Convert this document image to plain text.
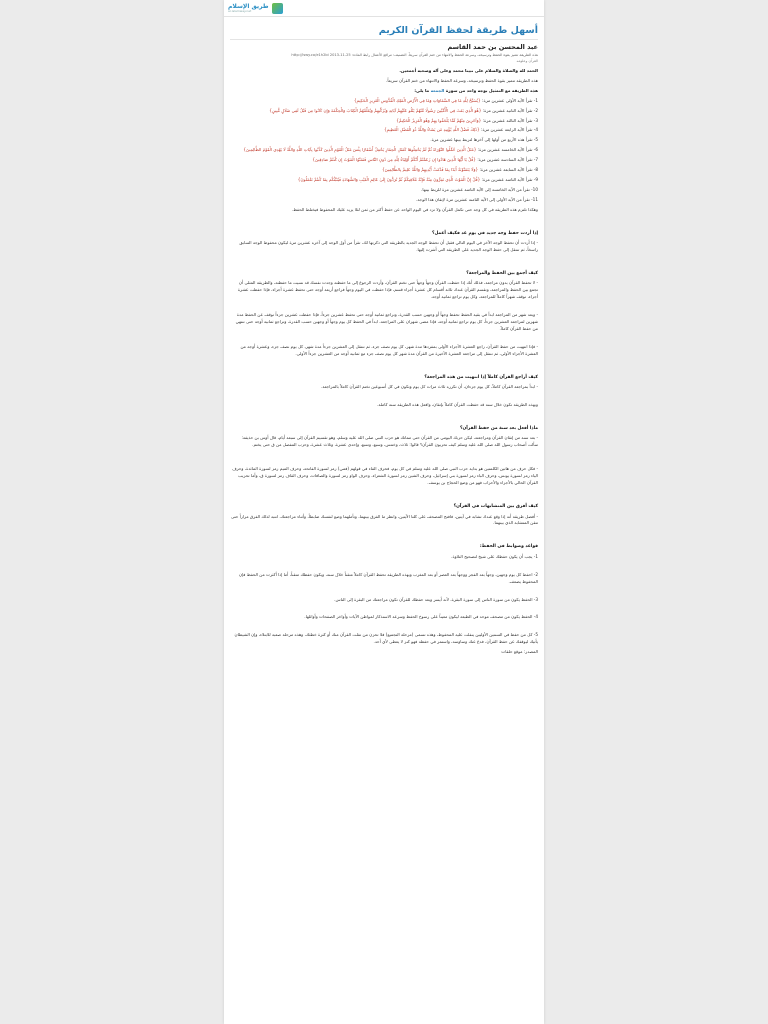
طريق الإسلام
ar.islamway.net
أسهل طريقة لحفظ القرآن الكريم
عبد المحسن بن حمد القاسم
هذه الطريقة تتميز بقوة الحفظ وترسيخه، وسرعة الحفظ والانتهاء من ختم القرآن سريعاً. التصنيف: مرافع الأعمال رابط المادة: http://iswy.co/e1h2bi 2013-11-25
القرآن وعلومه
الحمد لله والصلاة والسلام على نبينا محمد وعلى آله وصحبه أجمعين.
هذه الطريقة تتميز بقوة الحفظ وترسيخه، وسرعة الحفظ والانتهاء من ختم القرآن سريعاً.
هذه الطريقة مع التمثيل بوجه واحد من سورة الجمعة ما يلي:
1- تقرأ الآية الأولى عشرين مرة: {يُسَبِّحُ لِلَّهِ مَا فِي السَّمَاوَاتِ وَمَا فِي الْأَرْضِ الْمَلِكِ الْقُدُّوسِ الْعَزِيزِ الْحَكِيمِ}
2- تقرأ الآية الثانية عشرين مرة: {هُوَ الَّذِي بَعَثَ فِي الْأُمِّيِّينَ رَسُولًا مِّنْهُمْ يَتْلُو عَلَيْهِمْ آيَاتِهِ وَيُزَكِّيهِمْ وَيُعَلِّمُهُمُ الْكِتَابَ وَالْحِكْمَةَ وَإِن كَانُوا مِن قَبْلُ لَفِي ضَلَالٍ مُّبِينٍ}
3- تقرأ الآية الثالثة عشرين مرة: {وَآخَرِينَ مِنْهُمْ لَمَّا يَلْحَقُوا بِهِمْ وَهُوَ الْعَزِيزُ الْحَكِيمُ}
4- تقرأ الآية الرابعة عشرين مرة: {ذَٰلِكَ فَضْلُ اللَّهِ يُؤْتِيهِ مَن يَشَاءُ وَاللَّهُ ذُو الْفَضْلِ الْعَظِيمِ}
5- تقرأ هذه الأربع من أولها إلى آخرها لتربط بينها عشرين مرة.
6- تقرأ الآية الخامسة عشرين مرة: {مَثَلُ الَّذِينَ حُمِّلُوا التَّوْرَاةَ ثُمَّ لَمْ يَحْمِلُوهَا كَمَثَلِ الْحِمَارِ يَحْمِلُ أَسْفَارًا بِئْسَ مَثَلُ الْقَوْمِ الَّذِينَ كَذَّبُوا بِآيَاتِ اللَّهِ وَاللَّهُ لَا يَهْدِي الْقَوْمَ الظَّالِمِينَ}
7- تقرأ الآية السادسة عشرين مرة: {قُلْ يَا أَيُّهَا الَّذِينَ هَادُوا إِن زَعَمْتُمْ أَنَّكُمْ أَوْلِيَاءُ لِلَّهِ مِن دُونِ النَّاسِ فَتَمَنَّوُا الْمَوْتَ إِن كُنتُمْ صَادِقِينَ}
8- تقرأ الآية السابعة عشرين مرة: {وَلَا يَتَمَنَّوْنَهُ أَبَدًا بِمَا قَدَّمَتْ أَيْدِيهِمْ وَاللَّهُ عَلِيمٌ بِالظَّالِمِينَ}
9- تقرأ الآية الثامنة عشرين مرة: {قُلْ إِنَّ الْمَوْتَ الَّذِي تَفِرُّونَ مِنْهُ فَإِنَّهُ مُلَاقِيكُمْ ثُمَّ تُرَدُّونَ إِلَىٰ عَالِمِ الْغَيْبِ وَالشَّهَادَةِ فَيُنَبِّئُكُم بِمَا كُنتُمْ تَعْمَلُونَ}
10- تقرأ من الآية الخامسة إلى الآية الثامنة عشرين مرة للربط بينها.
11- تقرأ من الآية الأولى إلى الآية الثامنة عشرين مرة لإتقان هذا الوجه.
وهكذا تلتزم هذه الطريقة في كل وجه حتى تكمل القرآن ولا تزد في اليوم الواحد عن حفظ أكثر من ثمن لئلا يزيد عليك المحفوظ فيختلط الحفظ.
إذا أردت حفظ وجه جديد في يوم غد فكيف أعمل؟
- إذا أردت أن تحفظ الوجه الآخر في اليوم التالي فقبل أن تحفظ الوجه الجديد بالطريقة التي ذكرتها لك، تقرأ من أول الوجه إلى آخره عشرين مرة ليكون محفوظ الوجه السابق راسخاً، ثم تنتقل إلى حفظ الوجه الجديد على الطريقة التي أشرت إليها.
كيف أجمع بين الحفظ والمراجعة؟
- لا تحفظ القرآن بدون مراجعة، فذلك أنك إذا حفظت القرآن وجهاً وجهاً حتى تختم القرآن، وأردت الرجوع إلى ما حفظته وجدت نفسك قد نسيت ما حفظته، والطريقة المثلى أن تجمع بين الحفظ والمراجعة، وتقسم القرآن عندك ثلاثة أقسام كل عشرة أجزاء قسم، فإذا حفظت في اليوم وجهاً فراجع أربعة أوجه حتى تحفظ عشرة أجزاء، فإذا حفظت عشرة أجزاء، توقف شهراً كاملاً للمراجعة، وكل يوم تراجع ثمانية أوجه.
- وبعد شهر من المراجعة ابدأ في بقية الحفظ تحفظ وجهاً أو وجهين حسب القدرة، وتراجع ثمانية أوجه حتى تحفظ عشرين جزءاً، فإذا حفظت عشرين جزءاً توقف عن الحفظ مدة شهرين لمراجعة العشرين جزءاً، كل يوم تراجع ثمانية أوجه، فإذا مضى شهران على المراجعة، ابدأ في الحفظ كل يوم وجهاً أو وجهين حسب القدرة، وتراجع ثمانية أوجه حتى تنتهي من حفظ القرآن كاملاً.
- فإذا انتهيت من حفظ القرآن، راجع العشرة الأجزاء الأولى بمفردها مدة شهر، كل يوم نصف جزء، ثم تنتقل إلى العشرين جزءاً مدة شهر، كل يوم نصف جزء، وعشرة أوجه من العشرة الأجزاء الأولى، ثم تنتقل إلى مراجعة العشرة الأخيرة من القرآن مدة شهر كل يوم نصف جزء مع ثمانية أوجه من العشرين جزءاً الأولى.
كيف أراجع القرآن كاملاً إذا انتهيت من هذه المراجعة؟
- ابدأ بمراجعة القرآن كاملاً، كل يوم جزءان، أن تكرره ثلاث مرات كل يوم وتكون في كل أسبوعين تختم القرآن كاملاً بالمراجعة.
وبهذه الطريقة تكون خلال سنة قد حفظت القرآن كاملاً بإتقان، وافعل هذه الطريقة سنة كاملة.
ماذا أفعل بعد سنة من حفظ القرآن؟
- بعد سنة من إتقان القرآن ومراجعته، ليكن حزبك اليومي من القرآن حتى مماتك هو حزب النبي صلى الله عليه وسلم، وهو تقسيم القرآن إلى سبعة أيام، قال أوس بن حذيفة: سألت أصحاب رسول الله صلى الله عليه وسلم كيف تحزبون القرآن؟ قالوا: ثلاث، وخمس، وسبع، وتسع، وإحدى عشرة، وثلاث عشرة، وحزب المفصل من ق حتى يختم.
- فكل حرف من هاتين الكلمتين هو بداية حزب النبي صلى الله عليه وسلم في كل يوم، فحرف الفاء في قولهم (فمي) رمز لسورة الفاتحة، وحرف الميم رمز لسورة المائدة، وحرف الياء رمز لسورة يونس، وحرف الباء رمز لسورة بني إسرائيل، وحرف الشين رمز لسورة الشعراء، وحرف الواو رمز لسورة والصافات، وحرف القاف رمز لسورة ق، وأما تحزيب القرآن الحالي بالأجزاء والأحزاب فهو من وضع الحجاج بن يوسف.
كيف أفرق بين المتشابهات في القرآن؟
- أفضل طريقة أنه إذا وقع عندك تشابه في آيتين، فافتح المصحف على كلتا الآيتين، وانظر ما الفرق بينهما، وتأملهما وضع لنفسك ضابطاً، وأثناء مراجعتك، انتبه لذلك الفرق مراراً حتى تتقن المتشابه الذي بينهما.
قواعد وضوابط في الحفظ:
1- يجب أن يكون حفظك على شيخ لتصحيح التلاوة.
2- احفظ كل يوم وجهين، وجهاً بعد الفجر ووجهاً بعد العصر أو بعد المغرب وبهذه الطريقة تحفظ القرآن كاملاً متقناً خلال سنة، ويكون حفظك متقناً، أما إذا أكثرت من الحفظ فإن المحفوظ يضعف.
3- الحفظ يكون من سورة الناس إلى سورة البقرة، لأنه أيسر وبعد حفظك للقرآن تكون مراجعتك من البقرة إلى الناس.
4- الحفظ يكون من مصحف موحد في الطبعة ليكون معيناً على رسوخ الحفظ وسرعة الاستذكار لمواطن الآيات وأواخر الصفحات وأوائلها.
5- كل من حفظ في السنتين الأوليين ينفلت عليه المحفوظ، وهذه تسمى (مرحلة التجميع) فلا تحزن من تفلت القرآن منك أو كثرة خطئك، وهذه مرحلة صعبة للابتلاء، وإن الشيطان يأتيك ليوقفك عن حفظ القرآن، فدع عنك وساوسه، واستمر في حفظه فهو كنز لا يعطى لأي أحد.
المصدر: موقع حلقات
